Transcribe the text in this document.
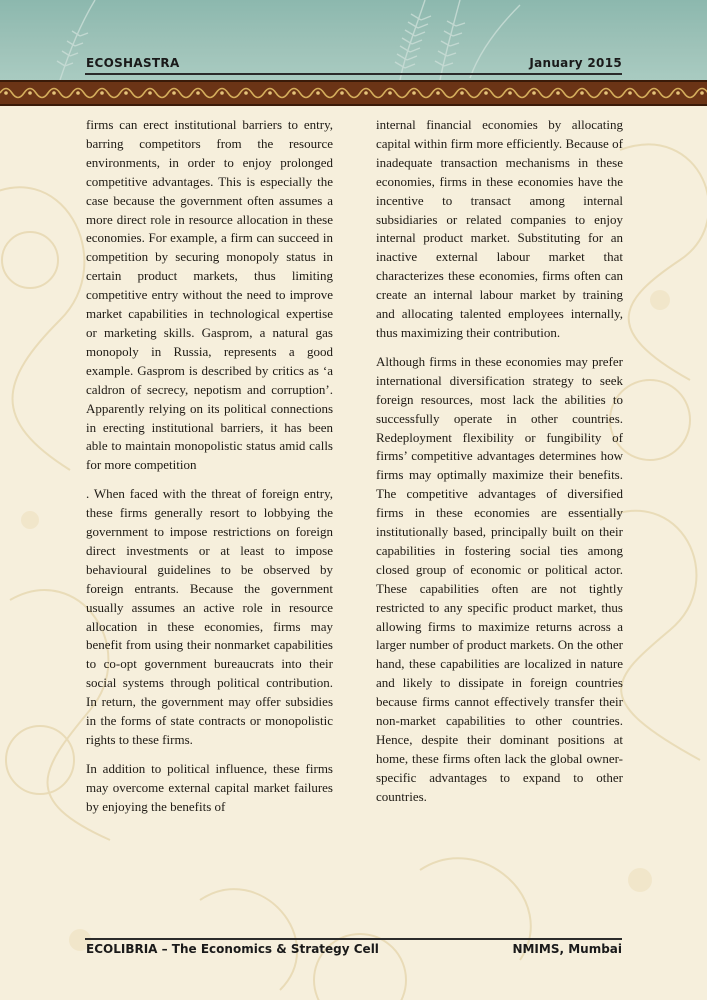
ECOSHASTRA	January 2015

firms can erect institutional barriers to entry, barring competitors from the resource environments, in order to enjoy prolonged competitive advantages. This is especially the case because the government often assumes a more direct role in resource allocation in these economies. For example, a firm can succeed in competition by securing monopoly status in certain product markets, thus limiting competitive entry without the need to improve market capabilities in technological expertise or marketing skills. Gasprom, a natural gas monopoly in Russia, represents a good example. Gasprom is described by critics as ‘a caldron of secrecy, nepotism and corruption’. Apparently relying on its political connections in erecting institutional barriers, it has been able to maintain monopolistic status amid calls for more competition

. When faced with the threat of foreign entry, these firms generally resort to lobbying the government to impose restrictions on foreign direct investments or at least to impose behavioural guidelines to be observed by foreign entrants. Because the government usually assumes an active role in resource allocation in these economies, firms may benefit from using their nonmarket capabilities to co-opt government bureaucrats into their social systems through political contribution. In return, the government may offer subsidies in the forms of state contracts or monopolistic rights to these firms.

In addition to political influence, these firms may overcome external capital market failures by enjoying the benefits of

internal financial economies by allocating capital within firm more efficiently. Because of inadequate transaction mechanisms in these economies, firms in these economies have the incentive to transact among internal subsidiaries or related companies to enjoy internal product market. Substituting for an inactive external labour market that characterizes these economies, firms often can create an internal labour market by training and allocating talented employees internally, thus maximizing their contribution.

Although firms in these economies may prefer international diversification strategy to seek foreign resources, most lack the abilities to successfully operate in other countries. Redeployment flexibility or fungibility of firms’ competitive advantages determines how firms may optimally maximize their benefits. The competitive advantages of diversified firms in these economies are essentially institutionally based, principally built on their capabilities in fostering social ties among closed group of economic or political actor. These capabilities often are not tightly restricted to any specific product market, thus allowing firms to maximize returns across a larger number of product markets. On the other hand, these capabilities are localized in nature and likely to dissipate in foreign countries because firms cannot effectively transfer their non-market capabilities to other countries. Hence, despite their dominant positions at home, these firms often lack the global owner-specific advantages to expand to other countries.

ECOLIBRIA – The Economics & Strategy Cell	NMIMS, Mumbai
